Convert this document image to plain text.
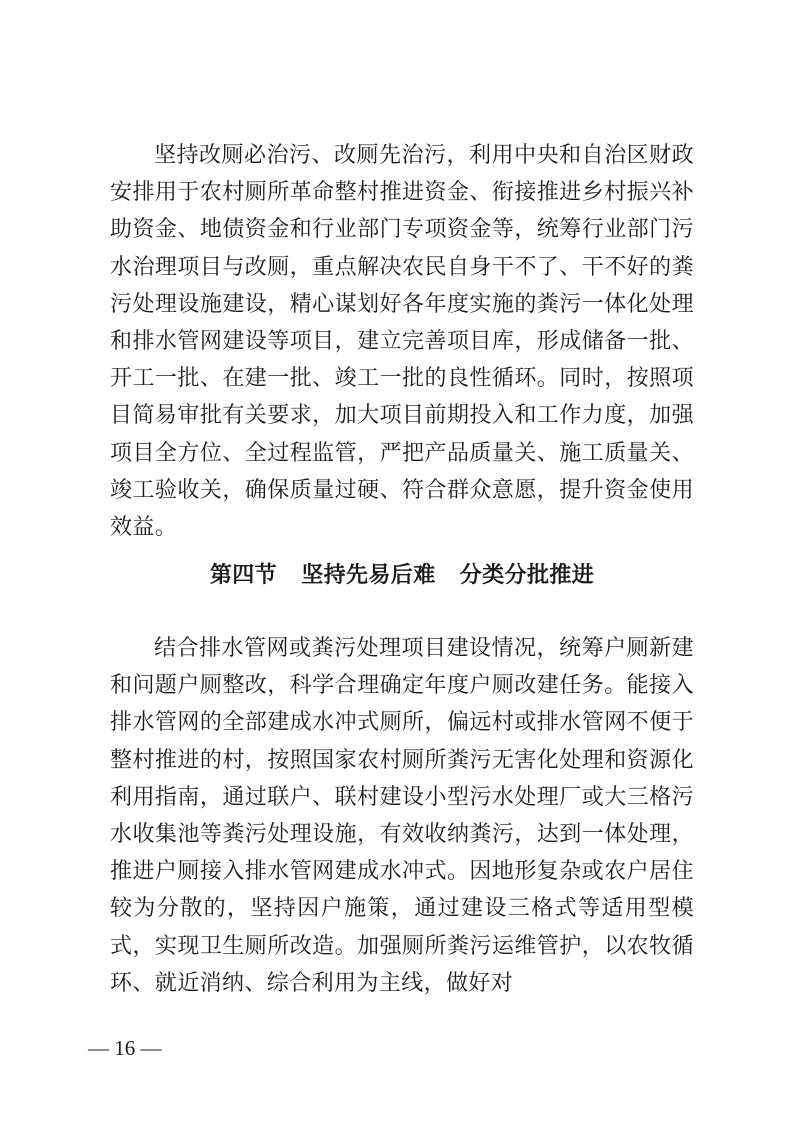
坚持改厕必治污、改厕先治污，利用中央和自治区财政安排用于农村厕所革命整村推进资金、衔接推进乡村振兴补助资金、地债资金和行业部门专项资金等，统筹行业部门污水治理项目与改厕，重点解决农民自身干不了、干不好的粪污处理设施建设，精心谋划好各年度实施的粪污一体化处理和排水管网建设等项目，建立完善项目库，形成储备一批、开工一批、在建一批、竣工一批的良性循环。同时，按照项目简易审批有关要求，加大项目前期投入和工作力度，加强项目全方位、全过程监管，严把产品质量关、施工质量关、竣工验收关，确保质量过硬、符合群众意愿，提升资金使用效益。

第四节   坚持先易后难   分类分批推进

结合排水管网或粪污处理项目建设情况，统筹户厕新建和问题户厕整改，科学合理确定年度户厕改建任务。能接入排水管网的全部建成水冲式厕所，偏远村或排水管网不便于整村推进的村，按照国家农村厕所粪污无害化处理和资源化利用指南，通过联户、联村建设小型污水处理厂或大三格污水收集池等粪污处理设施，有效收纳粪污，达到一体处理，推进户厕接入排水管网建成水冲式。因地形复杂或农户居住较为分散的，坚持因户施策，通过建设三格式等适用型模式，实现卫生厕所改造。加强厕所粪污运维管护，以农牧循环、就近消纳、综合利用为主线，做好对

— 16 —
